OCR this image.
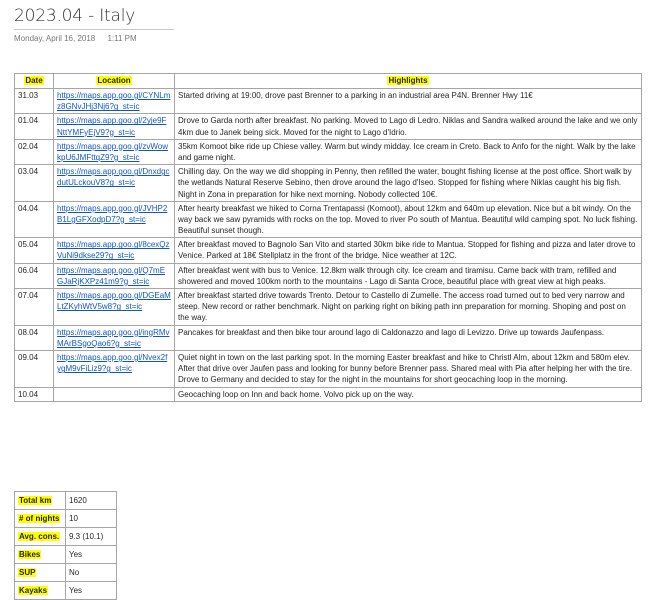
2023.04 - Italy
Monday, April 16, 2018 1:11 PM
Date	Location	Highlights
31.03	https://maps.app.goo.gl/CYNLmz8GNvJHj3Nj6?g_st=ic	Started driving at 19:00, drove past Brenner to a parking in an industrial area P4N. Brenner Hwy 11€
01.04	https://maps.app.goo.gl/2yje9FNttYMFyEjV9?g_st=ic	Drove to Garda north after breakfast. No parking. Moved to Lago di Ledro. Niklas and Sandra walked around the lake and we only 4km due to Janek being sick. Moved for the night to Lago d'Idrio.
02.04	https://maps.app.goo.gl/zvWowkpU6JMFttqZ9?g_st=ic	35km Komoot bike ride up Chiese valley. Warm but windy midday. Ice cream in Creto. Back to Anfo for the night. Walk by the lake and game night.
03.04	https://maps.app.goo.gl/DnxdgcdutULckouV8?g_st=ic	Chilling day. On the way we did shopping in Penny, then refilled the water, bought fishing license at the post office. Short walk by the wetlands Natural Reserve Sebino, then drove around the lago d'Iseo. Stopped for fishing where Niklas caught his big fish. Night in Zona in preparation for hike next morning. Nobody collected 10€.
04.04	https://maps.app.goo.gl/JVHP2B1LgGFXodpD7?g_st=ic	After hearty breakfast we hiked to Corna Trentapassi (Komoot), about 12km and 640m up elevation. Nice but a bit windy. On the way back we saw pyramids with rocks on the top. Moved to river Po south of Mantua. Beautiful wild camping spot. No luck fishing. Beautiful sunset though.
05.04	https://maps.app.goo.gl/8cexQzVuNi9dkse29?g_st=ic	After breakfast moved to Bagnolo San Vito and started 30km bike ride to Mantua. Stopped for fishing and pizza and later drove to Venice. Parked at 18€ Stellplatz in the front of the bridge. Nice weather at 12C.
06.04	https://maps.app.goo.gl/Q7mEGJaRjKXPz41m9?g_st=ic	After breakfast went with bus to Venice. 12.8km walk through city. Ice cream and tiramisu. Came back with tram, refilled and showered and moved 100km north to the mountains - Lago di Santa Croce, beautiful place with great view at high peaks.
07.04	https://maps.app.goo.gl/DGEaMLtZKyhWtV5w8?g_st=ic	After breakfast started drive towards Trento. Detour to Castello di Zumelle. The access road turned out to bed very narrow and steep. New record or rather benchmark. Night on parking right on biking path inn preparation for morning. Shoping and post on the way.
08.04	https://maps.app.goo.gl/ingRMvMArBSgoQao6?g_st=ic	Pancakes for breakfast and then bike tour around lago di Caldonazzo and lago di Levizzo. Drive up towards Jaufenpass.
09.04	https://maps.app.goo.gl/Nvex2fygM9vFiLiz9?g_st=ic	Quiet night in town on the last parking spot. In the morning Easter breakfast and hike to Christl Alm, about 12km and 580m elev. After that drive over Jaufen pass and looking for bunny before Brenner pass. Shared meal with Pia after helping her with the tire. Drove to Germany and decided to stay for the night in the mountains for short geocaching loop in the morning.
10.04		Geocaching loop on Inn and back home. Volvo pick up on the way.
Total km	1620
# of nights	10
Avg. cons.	9.3 (10.1)
Bikes	Yes
SUP	No
Kayaks	Yes
